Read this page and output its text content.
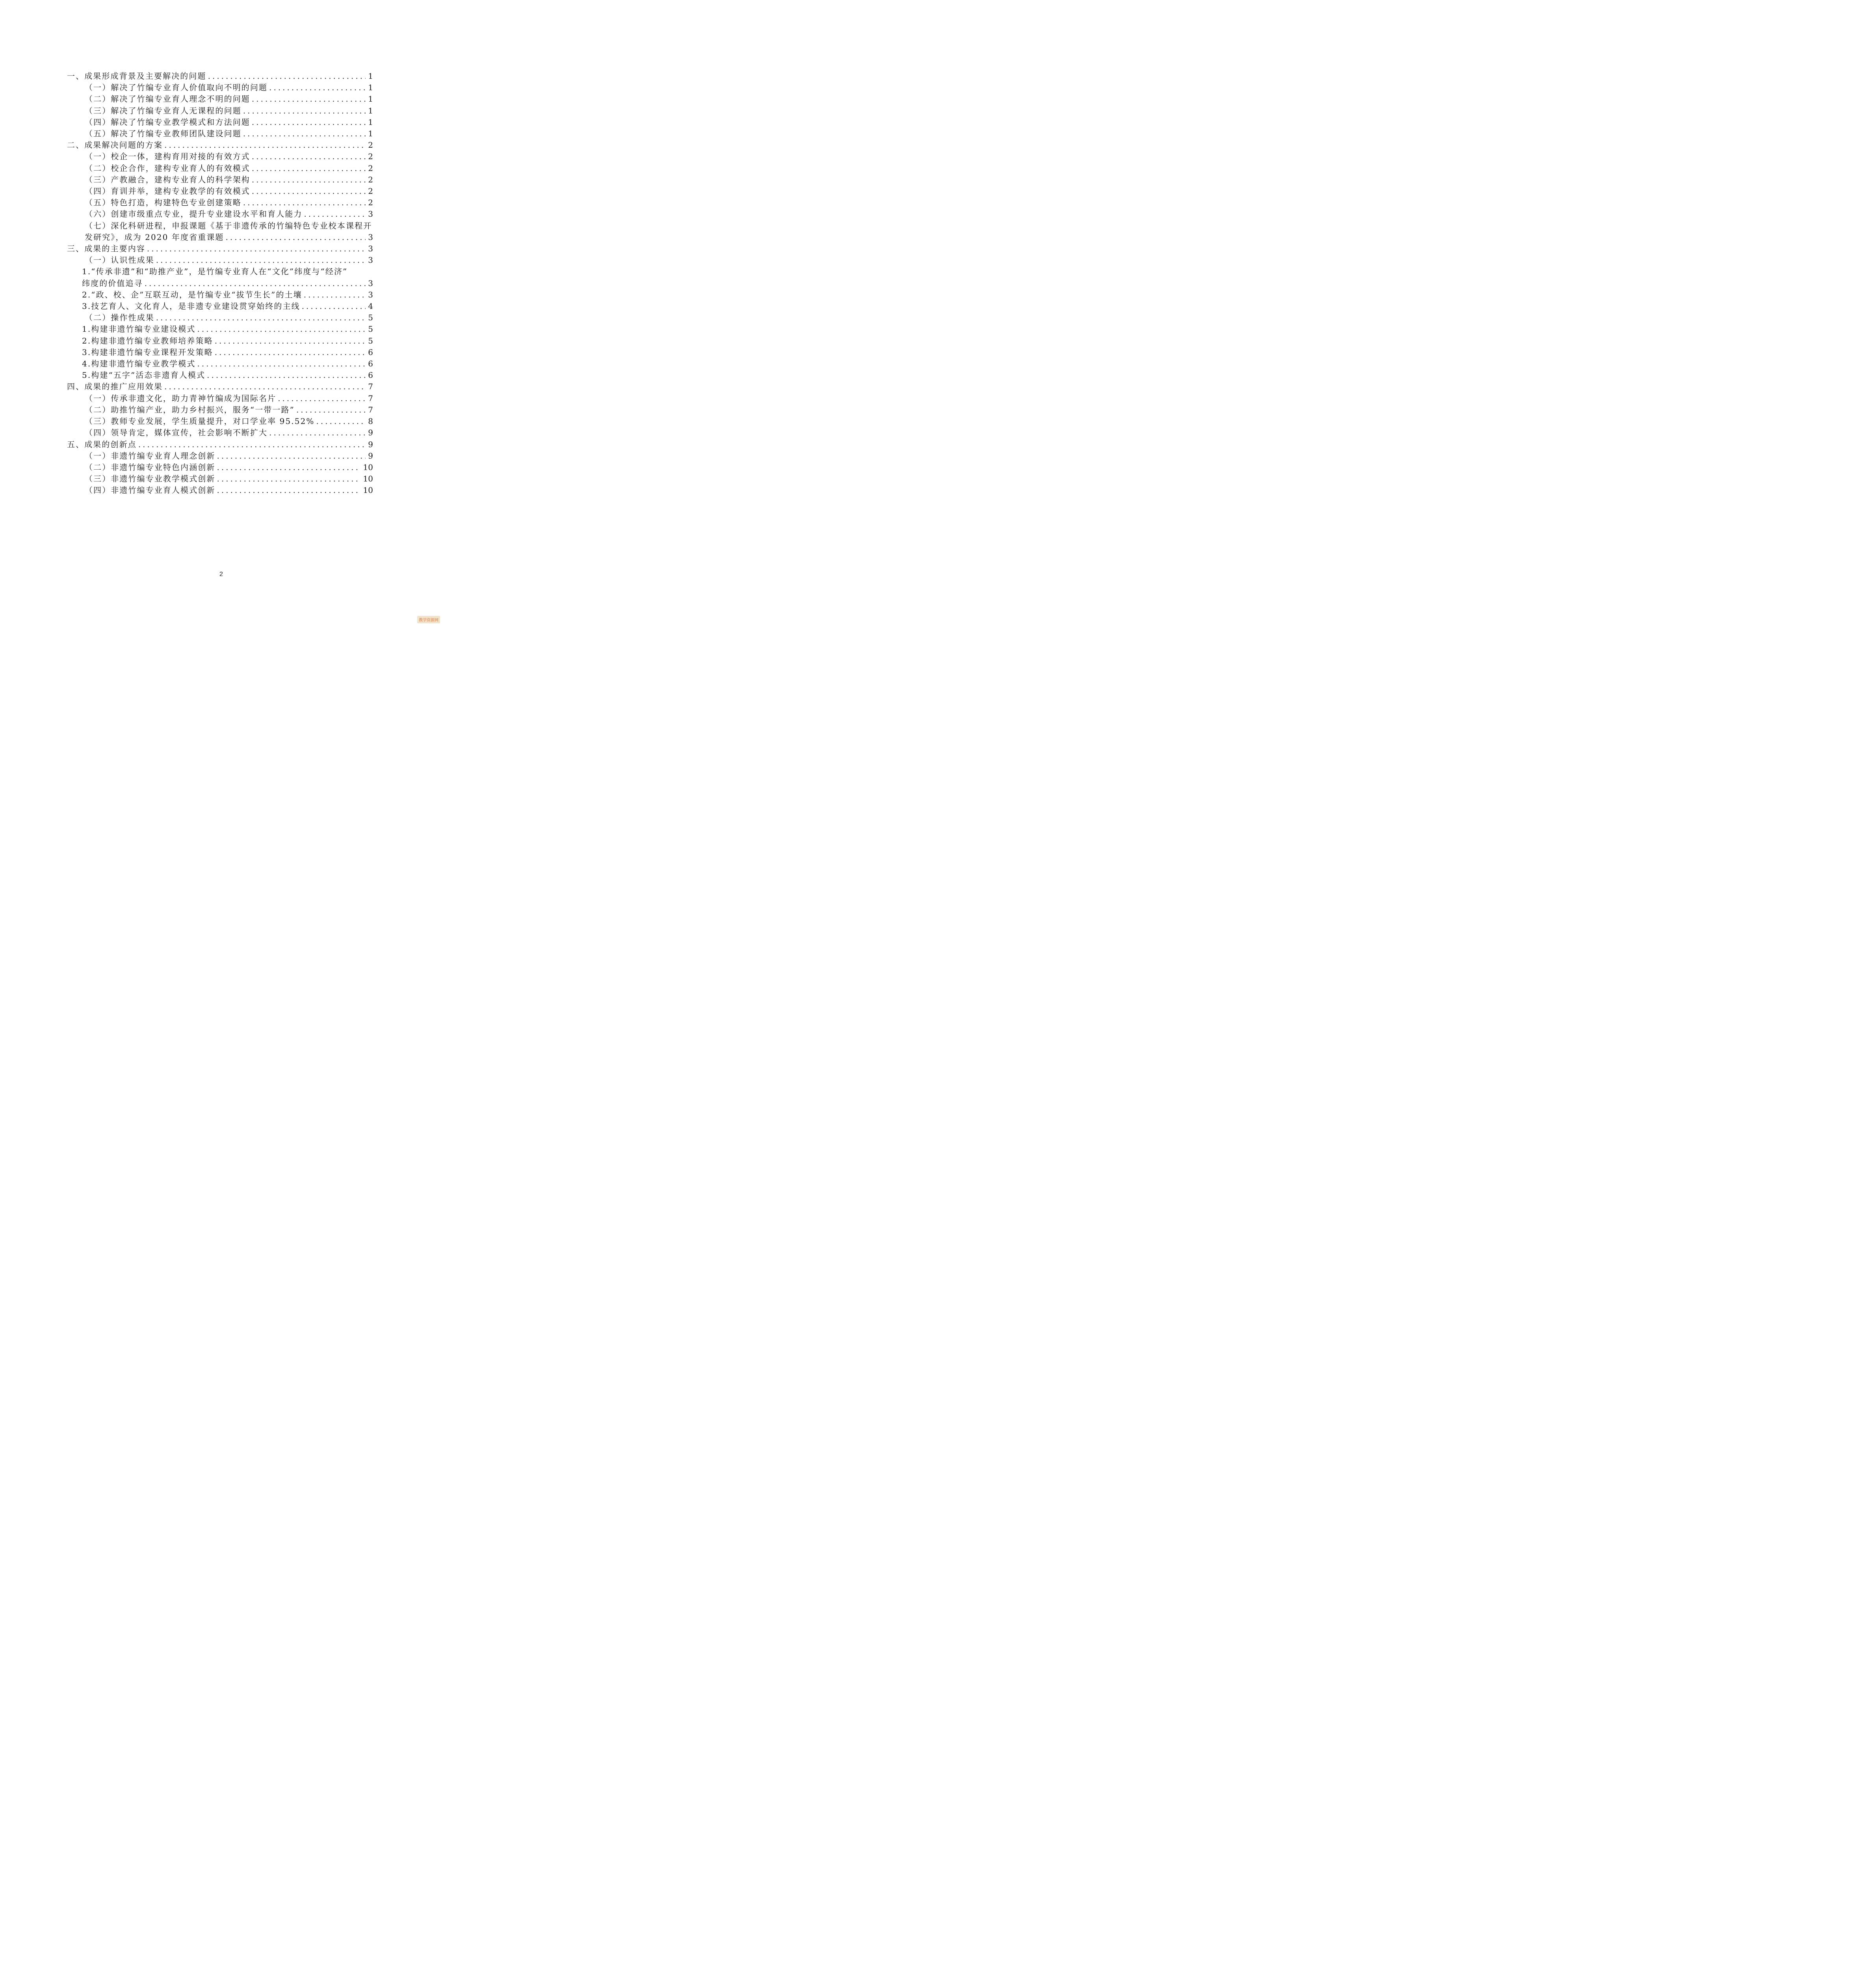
一、成果形成背景及主要解决的问题 .....	1
（一）解决了竹编专业育人价值取向不明的问题 .....	1
（二）解决了竹编专业育人理念不明的问题 .....	1
（三）解决了竹编专业育人无课程的问题 .....	1
（四）解决了竹编专业教学模式和方法问题 .....	1
（五）解决了竹编专业教师团队建设问题 .....	1
二、成果解决问题的方案 .....	2
（一）校企一体，建构育用对接的有效方式 .....	2
（二）校企合作，建构专业育人的有效模式 .....	2
（三）产教融合，建构专业育人的科学架构 .....	2
（四）育训并举，建构专业教学的有效模式 .....	2
（五）特色打造，构建特色专业创建策略 .....	2
（六）创建市级重点专业，提升专业建设水平和育人能力 .....	3
（七）深化科研进程，申报课题《基于非遗传承的竹编特色专业校本课程开
发研究》，成为 2020 年度省重课题 .....	3
三、成果的主要内容 .....	3
（一）认识性成果 .....	3
1.“传承非遗”和“助推产业”，是竹编专业育人在“文化”纬度与“经济”
纬度的价值追寻 .....	3
2.“政、校、企”互联互动，是竹编专业“拔节生长”的土壤 .....	3
3.技艺育人、文化育人，是非遗专业建设贯穿始终的主线 .....	4
（二）操作性成果 .....	5
1.构建非遗竹编专业建设模式 .....	5
2.构建非遗竹编专业教师培养策略 .....	5
3.构建非遗竹编专业课程开发策略 .....	6
4.构建非遗竹编专业教学模式 .....	6
5.构建“五字”活态非遗育人模式 .....	6
四、成果的推广应用效果 .....	7
（一）传承非遗文化，助力青神竹编成为国际名片 .....	7
（二）助推竹编产业，助力乡村振兴，服务“一带一路” .....	7
（三）教师专业发展，学生质量提升，对口学业率 95.52% .....	8
（四）领导肯定，媒体宣传，社会影响不断扩大 .....	9
五、成果的创新点 .....	9
（一）非遗竹编专业育人理念创新 .....	9
（二）非遗竹编专业特色内涵创新 .....	10
（三）非遗竹编专业教学模式创新 .....	10
（四）非遗竹编专业育人模式创新 .....	10
2
教学资源网
